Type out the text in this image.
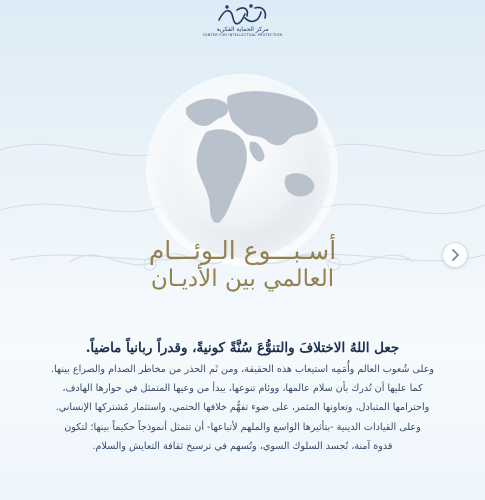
مركز الحماية الفكرية
CENTER FOR INTELLECTUAL PROTECTION
أسـبـــوع الـوئـــام
العالمي بين الأديـان

جعل اللهُ الاختلافَ والتنوُّعَ سُنَّةً كونيةً، وقدراً ربانياً ماضياً.

وعلى شُعوب العالم وأُمَمِه استيعاب هذه الحقيقة، ومن ثَم الحذر من مخاطر الصدام والصراع بينها.

كما عليها أن تُدرك بأن سلام عالمها، ووئام تنوعها، يبدأ من وعيها المتمثل في حوارها الهادف،

واحترامها المتبادل، وتعاونها المثمر، على ضوء تفهُّم خلافها الحتمي، واستثمار مُشتركها الإنساني.

وعلى القيادات الدينية -بتأثيرها الواسع والملهم لأتباعها- أن تتمثل أنموذجاً حكيماً بينها؛ لتكون

قدوة آمنة، تُجسد السلوك السوي، وتُسهم في ترسيخ ثقافة التعايش والسلام.
